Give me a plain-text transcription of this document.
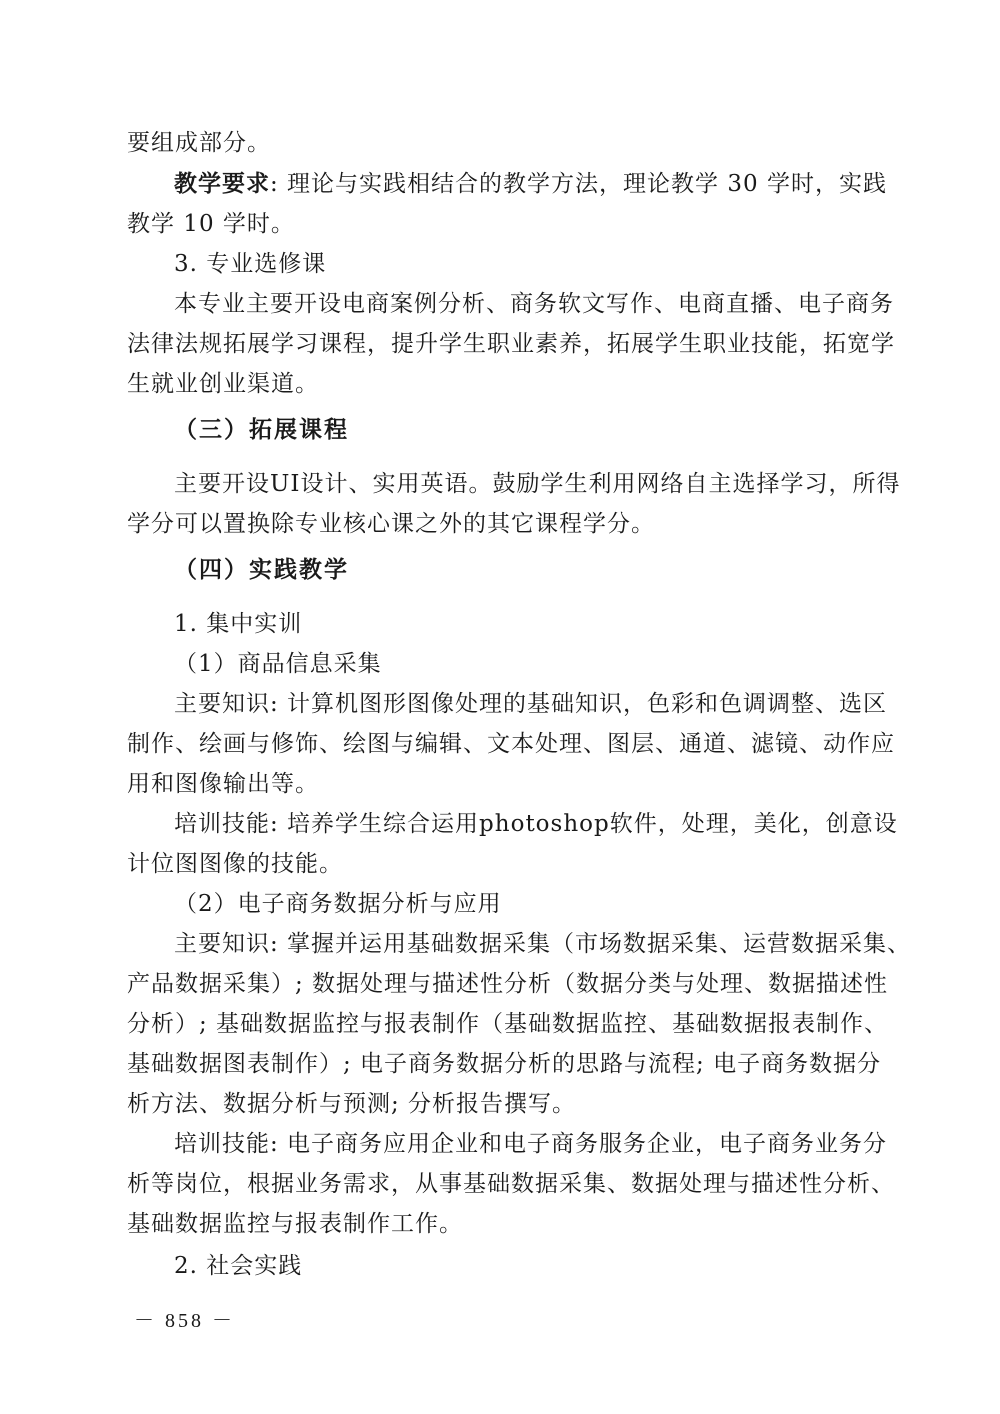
要组成部分。
教学要求: 理论与实践相结合的教学方法，理论教学 30 学时，实践
教学 10 学时。
3. 专业选修课
本专业主要开设电商案例分析、商务软文写作、电商直播、电子商务
法律法规拓展学习课程，提升学生职业素养，拓展学生职业技能，拓宽学
生就业创业渠道。
（三）拓展课程
主要开设UI设计、实用英语。鼓励学生利用网络自主选择学习，所得
学分可以置换除专业核心课之外的其它课程学分。
（四）实践教学
1. 集中实训
（1）商品信息采集
主要知识: 计算机图形图像处理的基础知识，色彩和色调调整、选区
制作、绘画与修饰、绘图与编辑、文本处理、图层、通道、滤镜、动作应
用和图像输出等。
培训技能: 培养学生综合运用photoshop软件，处理，美化，创意设
计位图图像的技能。
（2）电子商务数据分析与应用
主要知识: 掌握并运用基础数据采集（市场数据采集、运营数据采集、
产品数据采集）; 数据处理与描述性分析（数据分类与处理、数据描述性
分析）; 基础数据监控与报表制作（基础数据监控、基础数据报表制作、
基础数据图表制作）; 电子商务数据分析的思路与流程; 电子商务数据分
析方法、数据分析与预测; 分析报告撰写。
培训技能: 电子商务应用企业和电子商务服务企业，电子商务业务分
析等岗位，根据业务需求，从事基础数据采集、数据处理与描述性分析、
基础数据监控与报表制作工作。
2. 社会实践
－ 858 －
